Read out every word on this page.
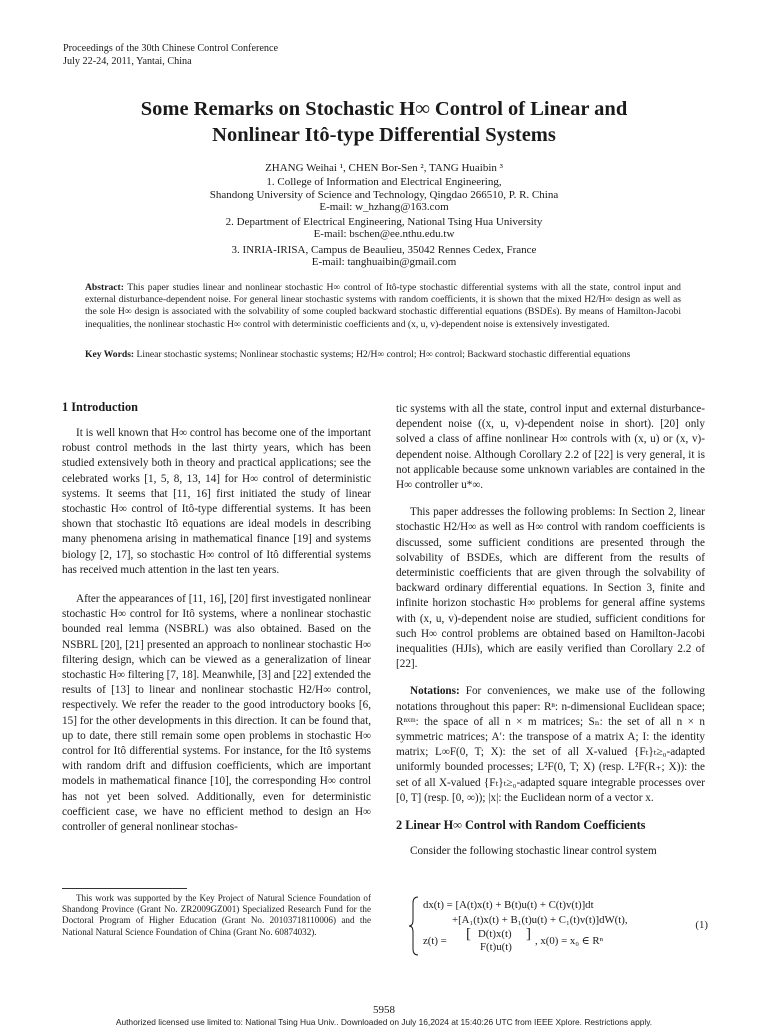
Proceedings of the 30th Chinese Control Conference
July 22-24, 2011, Yantai, China
Some Remarks on Stochastic H∞ Control of Linear and
Nonlinear Itô-type Differential Systems
ZHANG Weihai ¹, CHEN Bor-Sen ², TANG Huaibin ³
1. College of Information and Electrical Engineering,
Shandong University of Science and Technology, Qingdao 266510, P. R. China
E-mail: w_hzhang@163.com
2. Department of Electrical Engineering, National Tsing Hua University
E-mail: bschen@ee.nthu.edu.tw
3. INRIA-IRISA, Campus de Beaulieu, 35042 Rennes Cedex, France
E-mail: tanghuaibin@gmail.com
Abstract: This paper studies linear and nonlinear stochastic H∞ control of Itô-type stochastic differential systems with all the state, control input and external disturbance-dependent noise. For general linear stochastic systems with random coefficients, it is shown that the mixed H2/H∞ design as well as the sole H∞ design is associated with the solvability of some coupled backward stochastic differential equations (BSDEs). By means of Hamilton-Jacobi inequalities, the nonlinear stochastic H∞ control with deterministic coefficients and (x, u, v)-dependent noise is extensively investigated.
Key Words: Linear stochastic systems; Nonlinear stochastic systems; H2/H∞ control; H∞ control; Backward stochastic differential equations
1 Introduction

It is well known that H∞ control has become one of the important robust control methods in the last thirty years, which has been studied extensively both in theory and practical applications; see the celebrated works [1, 5, 8, 13, 14] for H∞ control of deterministic systems. It seems that [11, 16] first initiated the study of linear stochastic H∞ control of Itô-type differential systems. It has been shown that stochastic Itô equations are ideal models in describing many phenomena arising in mathematical finance [19] and systems biology [2, 17], so stochastic H∞ control of Itô differential systems has received much attention in the last ten years.

After the appearances of [11, 16], [20] first investigated nonlinear stochastic H∞ control for Itô systems, where a nonlinear stochastic bounded real lemma (NSBRL) was also obtained. Based on the NSBRL [20], [21] presented an approach to nonlinear stochastic H∞ filtering design, which can be viewed as a generalization of linear stochastic H∞ filtering [7, 18]. Meanwhile, [3] and [22] extended the results of [13] to linear and nonlinear stochastic H2/H∞ control, respectively. We refer the reader to the good introductory books [6, 15] for the other developments in this direction. It can be found that, up to date, there still remain some open problems in stochastic H∞ control for Itô differential systems. For instance, for the Itô systems with random drift and diffusion coefficients, which are important models in mathematical finance [10], the corresponding H∞ control has not yet been solved. Additionally, even for deterministic coefficient case, we have no efficient method to design an H∞ controller of general nonlinear stochas-

tic systems with all the state, control input and external disturbance-dependent noise ((x, u, v)-dependent noise in short). [20] only solved a class of affine nonlinear H∞ controls with (x, u) or (x, v)-dependent noise. Although Corollary 2.2 of [22] is very general, it is not applicable because some unknown variables are contained in the H∞ controller u*∞.

This paper addresses the following problems: In Section 2, linear stochastic H2/H∞ as well as H∞ control with random coefficients is discussed, some sufficient conditions are presented through the solvability of BSDEs, which are different from the results of deterministic coefficients that are given through the solvability of backward ordinary differential equations. In Section 3, finite and infinite horizon stochastic H∞ problems for general affine systems with (x, u, v)-dependent noise are studied, sufficient conditions for such H∞ control problems are obtained based on Hamilton-Jacobi inequalities (HJIs), which are easily verified than Corollary 2.2 of [22].

Notations: For conveniences, we make use of the following notations throughout this paper: Rⁿ: n-dimensional Euclidean space; Rⁿˣᵐ: the space of all n × m matrices; Sₙ: the set of all n × n symmetric matrices; A′: the transpose of a matrix A; I: the identity matrix; L∞F(0, T; X): the set of all X-valued {Fₜ}ₜ≥₀-adapted uniformly bounded processes; L²F(0, T; X) (resp. L²F(R₊; X)): the set of all X-valued {Fₜ}ₜ≥₀-adapted square integrable processes over [0, T] (resp. [0, ∞)); |x|: the Euclidean norm of a vector x.

2 Linear H∞ Control with Random Coefficients

Consider the following stochastic linear control system

dx(t) = [A(t)x(t) + B(t)u(t) + C(t)v(t)]dt
+[A₁(t)x(t) + B₁(t)u(t) + C₁(t)v(t)]dW(t),
z(t) = [ D(t)x(t)
F(t)u(t)
] , x(0) = x₀ ∈ Rⁿ
(1)
This work was supported by the Key Project of Natural Science Foundation of Shandong Province (Grant No. ZR2009GZ001) Specialized Research Fund for the Doctoral Program of Higher Education (Grant No. 20103718110006) and the National Natural Science Foundation of China (Grant No. 60874032).
5958
Authorized licensed use limited to: National Tsing Hua Univ.. Downloaded on July 16,2024 at 15:40:26 UTC from IEEE Xplore. Restrictions apply.
